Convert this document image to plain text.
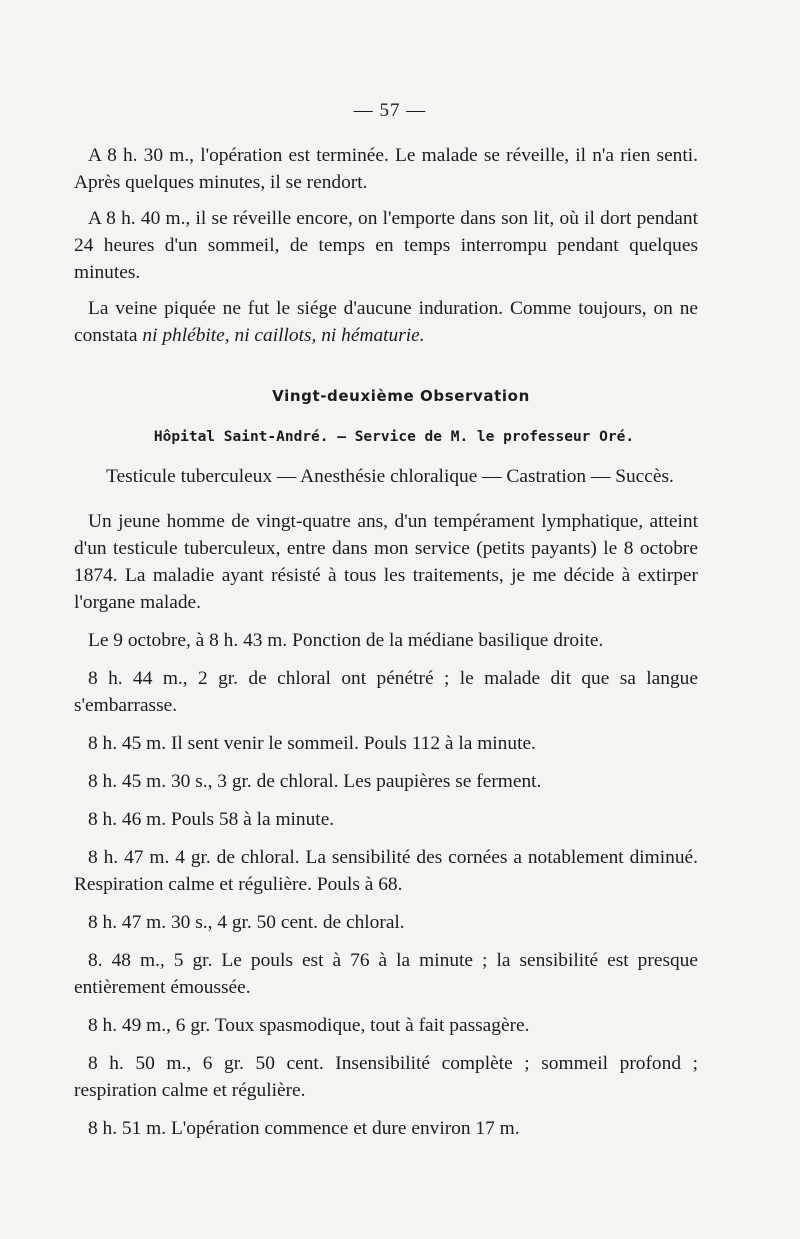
— 57 —

A 8 h. 30 m., l'opération est terminée. Le malade se réveille, il n'a rien senti. Après quelques minutes, il se rendort.

A 8 h. 40 m., il se réveille encore, on l'emporte dans son lit, où il dort pendant 24 heures d'un sommeil, de temps en temps interrompu pendant quelques minutes.

La veine piquée ne fut le siége d'aucune induration. Comme toujours, on ne constata ni phlébite, ni caillots, ni hématurie.

Vingt-deuxième Observation
Hôpital Saint-André. — Service de M. le professeur Oré.
Testicule tuberculeux — Anesthésie chloralique — Castration — Succès.

Un jeune homme de vingt-quatre ans, d'un tempérament lymphatique, atteint d'un testicule tuberculeux, entre dans mon service (petits payants) le 8 octobre 1874. La maladie ayant résisté à tous les traitements, je me décide à extirper l'organe malade.

Le 9 octobre, à 8 h. 43 m. Ponction de la médiane basilique droite.

8 h. 44 m., 2 gr. de chloral ont pénétré ; le malade dit que sa langue s'embarrasse.

8 h. 45 m. Il sent venir le sommeil. Pouls 112 à la minute.

8 h. 45 m. 30 s., 3 gr. de chloral. Les paupières se ferment.

8 h. 46 m. Pouls 58 à la minute.

8 h. 47 m. 4 gr. de chloral. La sensibilité des cornées a notablement diminué. Respiration calme et régulière. Pouls à 68.

8 h. 47 m. 30 s., 4 gr. 50 cent. de chloral.

8. 48 m., 5 gr. Le pouls est à 76 à la minute ; la sensibilité est presque entièrement émoussée.

8 h. 49 m., 6 gr. Toux spasmodique, tout à fait passagère.

8 h. 50 m., 6 gr. 50 cent. Insensibilité complète ; sommeil profond ; respiration calme et régulière.

8 h. 51 m. L'opération commence et dure environ 17 m.
